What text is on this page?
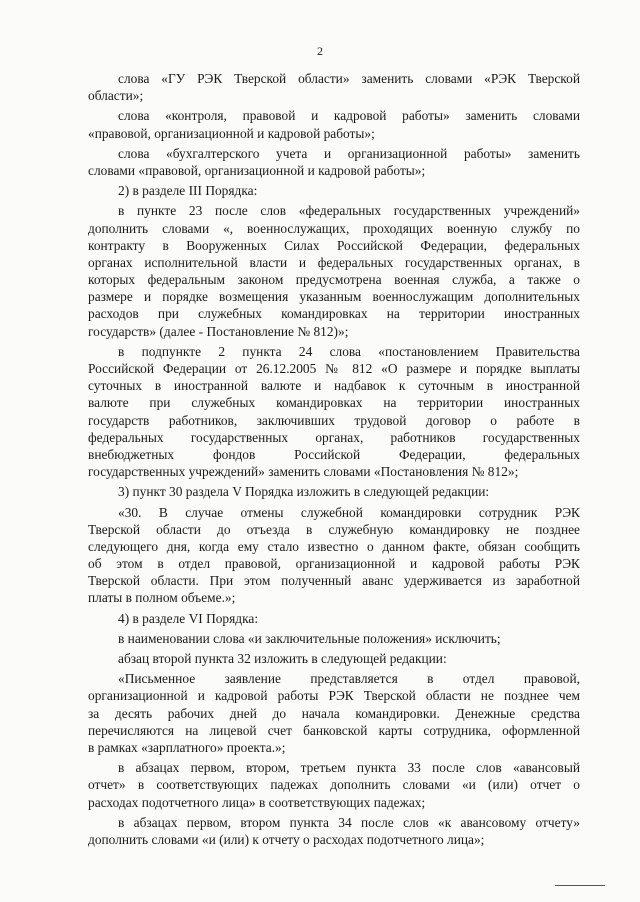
2
слова «ГУ РЭК Тверской области» заменить словами «РЭК Тверской
области»;
слова «контроля, правовой и кадровой работы» заменить словами
«правовой, организационной и кадровой работы»;
слова «бухгалтерского учета и организационной работы» заменить
словами «правовой, организационной и кадровой работы»;
2) в разделе III Порядка:
в пункте 23 после слов «федеральных государственных учреждений»
дополнить словами «, военнослужащих, проходящих военную службу по
контракту в Вооруженных Силах Российской Федерации, федеральных
органах исполнительной власти и федеральных государственных органах, в
которых федеральным законом предусмотрена военная служба, а также о
размере и порядке возмещения указанным военнослужащим дополнительных
расходов при служебных командировках на территории иностранных
государств» (далее - Постановление № 812)»;
в подпункте 2 пункта 24 слова «постановлением Правительства
Российской Федерации от 26.12.2005 № 812 «О размере и порядке выплаты
суточных в иностранной валюте и надбавок к суточным в иностранной
валюте при служебных командировках на территории иностранных
государств работников, заключивших трудовой договор о работе в
федеральных государственных органах, работников государственных
внебюджетных фондов Российской Федерации, федеральных
государственных учреждений» заменить словами «Постановления № 812»;
3) пункт 30 раздела V Порядка изложить в следующей редакции:
«30. В случае отмены служебной командировки сотрудник РЭК
Тверской области до отъезда в служебную командировку не позднее
следующего дня, когда ему стало известно о данном факте, обязан сообщить
об этом в отдел правовой, организационной и кадровой работы РЭК
Тверской области. При этом полученный аванс удерживается из заработной
платы в полном объеме.»;
4) в разделе VI Порядка:
в наименовании слова «и заключительные положения» исключить;
абзац второй пункта 32 изложить в следующей редакции:
«Письменное заявление представляется в отдел правовой,
организационной и кадровой работы РЭК Тверской области не позднее чем
за десять рабочих дней до начала командировки. Денежные средства
перечисляются на лицевой счет банковской карты сотрудника, оформленной
в рамках «зарплатного» проекта.»;
в абзацах первом, втором, третьем пункта 33 после слов «авансовый
отчет» в соответствующих падежах дополнить словами «и (или) отчет о
расходах подотчетного лица» в соответствующих падежах;
в абзацах первом, втором пункта 34 после слов «к авансовому отчету»
дополнить словами «и (или) к отчету о расходах подотчетного лица»;
